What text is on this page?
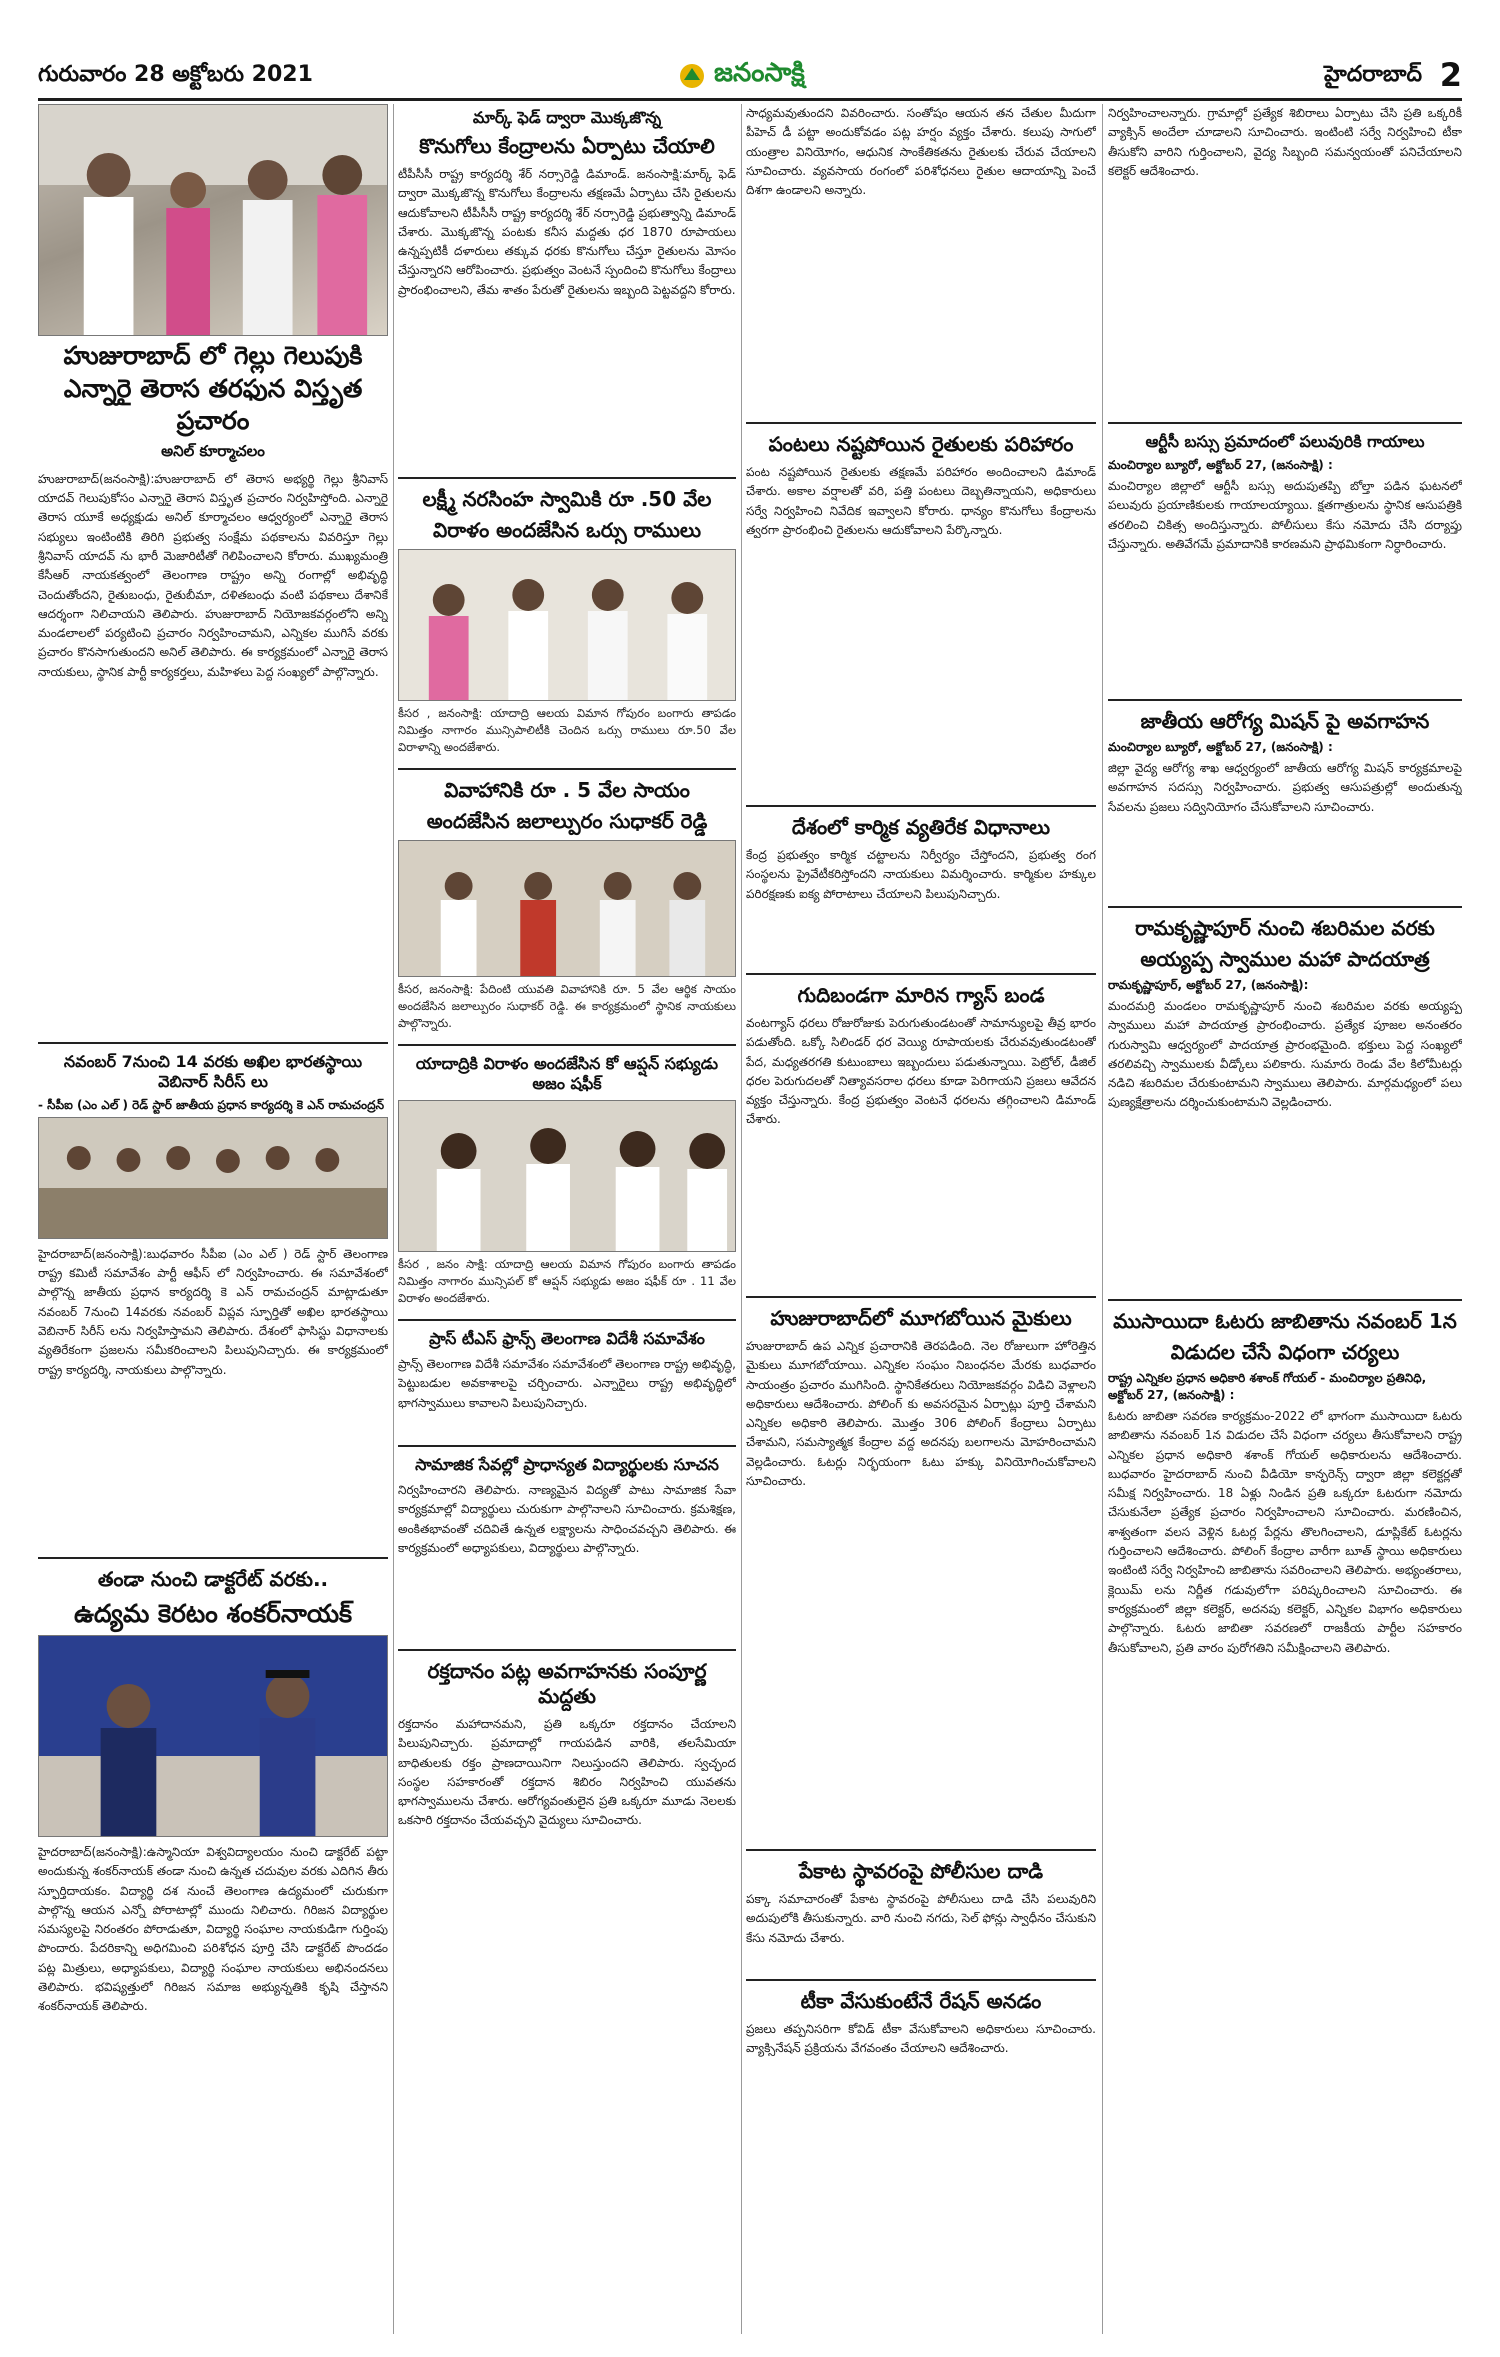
గురువారం 28 అక్టోబరు 2021	జనంసాక్షి	హైదరాబాద్ 2
హుజురాబాద్ లో గెల్లు గెలుపుకి
ఎన్నారై తెరాస తరఫున విస్తృత ప్రచారం
అనిల్ కూర్మాచలం

హుజురాబాద్(జనంసాక్షి):హుజురాబాద్ లో తెరాస అభ్యర్థి గెల్లు శ్రీనివాస్ యాదవ్ గెలుపుకోసం ఎన్నారై తెరాస విస్తృత ప్రచారం నిర్వహిస్తోంది. ఎన్నారై తెరాస యూకే అధ్యక్షుడు అనిల్ కూర్మాచలం ఆధ్వర్యంలో ఎన్నారై తెరాస సభ్యులు ఇంటింటికి తిరిగి ప్రభుత్వ సంక్షేమ పథకాలను వివరిస్తూ గెల్లు శ్రీనివాస్ యాదవ్ ను భారీ మెజారిటీతో గెలిపించాలని కోరారు. ముఖ్యమంత్రి కేసీఆర్ నాయకత్వంలో తెలంగాణ రాష్ట్రం అన్ని రంగాల్లో అభివృద్ధి చెందుతోందని, రైతుబంధు, రైతుబీమా, దళితబంధు వంటి పథకాలు దేశానికే ఆదర్శంగా నిలిచాయని తెలిపారు. హుజురాబాద్ నియోజకవర్గంలోని అన్ని మండలాలలో పర్యటించి ప్రచారం నిర్వహించామని, ఎన్నికల ముగిసే వరకు ప్రచారం కొనసాగుతుందని అనిల్ తెలిపారు. ఈ కార్యక్రమంలో ఎన్నారై తెరాస నాయకులు, స్థానిక పార్టీ కార్యకర్తలు, మహిళలు పెద్ద సంఖ్యలో పాల్గొన్నారు.

నవంబర్ 7నుంచి 14 వరకు అఖిల భారతస్థాయి వెబినార్ సిరీస్ లు
- సీపీఐ (ఎం ఎల్ ) రెడ్ స్టార్ జాతీయ ప్రధాన కార్యదర్శి కె ఎన్ రామచంద్రన్

హైదరాబాద్(జనంసాక్షి):బుధవారం సీపీఐ (ఎం ఎల్ ) రెడ్ స్టార్ తెలంగాణ రాష్ట్ర కమిటీ సమావేశం పార్టీ ఆఫీస్ లో నిర్వహించారు. ఈ సమావేశంలో పాల్గొన్న జాతీయ ప్రధాన కార్యదర్శి కె ఎన్ రామచంద్రన్ మాట్లాడుతూ నవంబర్ 7నుంచి 14వరకు నవంబర్ విప్లవ స్ఫూర్తితో అఖిల భారతస్థాయి వెబినార్ సిరీస్ లను నిర్వహిస్తామని తెలిపారు. దేశంలో ఫాసిస్టు విధానాలకు వ్యతిరేకంగా ప్రజలను సమీకరించాలని పిలుపునిచ్చారు. ఈ కార్యక్రమంలో రాష్ట్ర కార్యదర్శి, నాయకులు పాల్గొన్నారు.

తండా నుంచి డాక్టరేట్ వరకు..
ఉద్యమ కెరటం శంకర్‌నాయక్

హైదరాబాద్(జనంసాక్షి):ఉస్మానియా విశ్వవిద్యాలయం నుంచి డాక్టరేట్ పట్టా అందుకున్న శంకర్‌నాయక్ తండా నుంచి ఉన్నత చదువుల వరకు ఎదిగిన తీరు స్ఫూర్తిదాయకం. విద్యార్థి దశ నుంచే తెలంగాణ ఉద్యమంలో చురుకుగా పాల్గొన్న ఆయన ఎన్నో పోరాటాల్లో ముందు నిలిచారు. గిరిజన విద్యార్థుల సమస్యలపై నిరంతరం పోరాడుతూ, విద్యార్థి సంఘాల నాయకుడిగా గుర్తింపు పొందారు. పేదరికాన్ని అధిగమించి పరిశోధన పూర్తి చేసి డాక్టరేట్ పొందడం పట్ల మిత్రులు, అధ్యాపకులు, విద్యార్థి సంఘాల నాయకులు అభినందనలు తెలిపారు. భవిష్యత్తులో గిరిజన సమాజ అభ్యున్నతికి కృషి చేస్తానని శంకర్‌నాయక్ తెలిపారు.

మార్క్ ఫెడ్ ద్వారా మొక్కజొన్న
కొనుగోలు కేంద్రాలను ఏర్పాటు చేయాలి

టీపీసీసీ రాష్ట్ర కార్యదర్శి శేర్ నర్సారెడ్డి డిమాండ్. జనంసాక్షి:మార్క్ ఫెడ్ ద్వారా మొక్కజొన్న కొనుగోలు కేంద్రాలను తక్షణమే ఏర్పాటు చేసి రైతులను ఆదుకోవాలని టీపీసీసీ రాష్ట్ర కార్యదర్శి శేర్ నర్సారెడ్డి ప్రభుత్వాన్ని డిమాండ్ చేశారు. మొక్కజొన్న పంటకు కనీస మద్దతు ధర 1870 రూపాయలు ఉన్నప్పటికీ దళారులు తక్కువ ధరకు కొనుగోలు చేస్తూ రైతులను మోసం చేస్తున్నారని ఆరోపించారు. ప్రభుత్వం వెంటనే స్పందించి కొనుగోలు కేంద్రాలు ప్రారంభించాలని, తేమ శాతం పేరుతో రైతులను ఇబ్బంది పెట్టవద్దని కోరారు.

లక్ష్మీ నరసింహ స్వామికి రూ .50 వేల
విరాళం అందజేసిన ఒర్సు రాములు

కీసర , జనంసాక్షి: యాదాద్రి ఆలయ విమాన గోపురం బంగారు తాపడం నిమిత్తం నాగారం మున్సిపాలిటీకి చెందిన ఒర్సు రాములు రూ.50 వేల విరాళాన్ని అందజేశారు.

వివాహానికి రూ . 5 వేల సాయం
అందజేసిన జలాల్పురం సుధాకర్ రెడ్డి

కీసర, జనంసాక్షి: పేదింటి యువతి వివాహానికి రూ. 5 వేల ఆర్థిక సాయం అందజేసిన జలాల్పురం సుధాకర్ రెడ్డి. ఈ కార్యక్రమంలో స్థానిక నాయకులు పాల్గొన్నారు.

యాదాద్రికి విరాళం అందజేసిన కో ఆప్షన్ సభ్యుడు అజం షఫీక్

కీసర , జనం సాక్షి: యాదాద్రి ఆలయ విమాన గోపురం బంగారు తాపడం నిమిత్తం నాగారం మున్సిపల్ కో ఆప్షన్ సభ్యుడు అజం షఫీక్ రూ . 11 వేల విరాళం అందజేశారు.

ప్రాస్ టీఎస్ ఫ్రాన్స్ తెలంగాణ విదేశీ సమావేశం

ప్రాన్స్ తెలంగాణ విదేశీ సమావేశం సమావేశంలో తెలంగాణ రాష్ట్ర అభివృద్ధి, పెట్టుబడుల అవకాశాలపై చర్చించారు. ఎన్నారైలు రాష్ట్ర అభివృద్ధిలో భాగస్వాములు కావాలని పిలుపునిచ్చారు.

సామాజిక సేవల్లో ప్రాధాన్యత విద్యార్థులకు సూచన

నిర్వహించారని తెలిపారు. నాణ్యమైన విద్యతో పాటు సామాజిక సేవా కార్యక్రమాల్లో విద్యార్థులు చురుకుగా పాల్గొనాలని సూచించారు. క్రమశిక్షణ, అంకితభావంతో చదివితే ఉన్నత లక్ష్యాలను సాధించవచ్చని తెలిపారు. ఈ కార్యక్రమంలో అధ్యాపకులు, విద్యార్థులు పాల్గొన్నారు.

రక్తదానం పట్ల అవగాహనకు సంపూర్ణ మద్దతు

రక్తదానం మహాదానమని, ప్రతి ఒక్కరూ రక్తదానం చేయాలని పిలుపునిచ్చారు. ప్రమాదాల్లో గాయపడిన వారికి, తలసేమియా బాధితులకు రక్తం ప్రాణదాయినిగా నిలుస్తుందని తెలిపారు. స్వచ్ఛంద సంస్థల సహకారంతో రక్తదాన శిబిరం నిర్వహించి యువతను భాగస్వాములను చేశారు. ఆరోగ్యవంతులైన ప్రతి ఒక్కరూ మూడు నెలలకు ఒకసారి రక్తదానం చేయవచ్చని వైద్యులు సూచించారు.

సాధ్యమవుతుందని వివరించారు. సంతోషం ఆయన తన చేతుల మీదుగా పీహెచ్ డీ పట్టా అందుకోవడం పట్ల హర్షం వ్యక్తం చేశారు. కలుపు సాగులో యంత్రాల వినియోగం, ఆధునిక సాంకేతికతను రైతులకు చేరువ చేయాలని సూచించారు. వ్యవసాయ రంగంలో పరిశోధనలు రైతుల ఆదాయాన్ని పెంచే దిశగా ఉండాలని అన్నారు.

పంటలు నష్టపోయిన రైతులకు పరిహారం

పంట నష్టపోయిన రైతులకు తక్షణమే పరిహారం అందించాలని డిమాండ్ చేశారు. అకాల వర్షాలతో వరి, పత్తి పంటలు దెబ్బతిన్నాయని, అధికారులు సర్వే నిర్వహించి నివేదిక ఇవ్వాలని కోరారు. ధాన్యం కొనుగోలు కేంద్రాలను త్వరగా ప్రారంభించి రైతులను ఆదుకోవాలని పేర్కొన్నారు.

దేశంలో కార్మిక వ్యతిరేక విధానాలు

కేంద్ర ప్రభుత్వం కార్మిక చట్టాలను నిర్వీర్యం చేస్తోందని, ప్రభుత్వ రంగ సంస్థలను ప్రైవేటీకరిస్తోందని నాయకులు విమర్శించారు. కార్మికుల హక్కుల పరిరక్షణకు ఐక్య పోరాటాలు చేయాలని పిలుపునిచ్చారు.

గుదిబండగా మారిన గ్యాస్ బండ

వంటగ్యాస్ ధరలు రోజురోజుకు పెరుగుతుండటంతో సామాన్యులపై తీవ్ర భారం పడుతోంది. ఒక్కో సిలిండర్ ధర వెయ్యి రూపాయలకు చేరువవుతుండటంతో పేద, మధ్యతరగతి కుటుంబాలు ఇబ్బందులు పడుతున్నాయి. పెట్రోల్, డీజిల్ ధరల పెరుగుదలతో నిత్యావసరాల ధరలు కూడా పెరిగాయని ప్రజలు ఆవేదన వ్యక్తం చేస్తున్నారు. కేంద్ర ప్రభుత్వం వెంటనే ధరలను తగ్గించాలని డిమాండ్ చేశారు.

హుజురాబాద్‌లో మూగబోయిన మైకులు

హుజురాబాద్ ఉప ఎన్నిక ప్రచారానికి తెరపడింది. నెల రోజులుగా హోరెత్తిన మైకులు మూగబోయాయి. ఎన్నికల సంఘం నిబంధనల మేరకు బుధవారం సాయంత్రం ప్రచారం ముగిసింది. స్థానికేతరులు నియోజకవర్గం విడిచి వెళ్లాలని అధికారులు ఆదేశించారు. పోలింగ్ కు అవసరమైన ఏర్పాట్లు పూర్తి చేశామని ఎన్నికల అధికారి తెలిపారు. మొత్తం 306 పోలింగ్ కేంద్రాలు ఏర్పాటు చేశామని, సమస్యాత్మక కేంద్రాల వద్ద అదనపు బలగాలను మోహరించామని వెల్లడించారు. ఓటర్లు నిర్భయంగా ఓటు హక్కు వినియోగించుకోవాలని సూచించారు.

పేకాట స్థావరంపై పోలీసుల దాడి

పక్కా సమాచారంతో పేకాట స్థావరంపై పోలీసులు దాడి చేసి పలువురిని అదుపులోకి తీసుకున్నారు. వారి నుంచి నగదు, సెల్ ఫోన్లు స్వాధీనం చేసుకుని కేసు నమోదు చేశారు.

టీకా వేసుకుంటేనే రేషన్ అనడం

ప్రజలు తప్పనిసరిగా కోవిడ్ టీకా వేసుకోవాలని అధికారులు సూచించారు. వ్యాక్సినేషన్ ప్రక్రియను వేగవంతం చేయాలని ఆదేశించారు.

నిర్వహించాలన్నారు. గ్రామాల్లో ప్రత్యేక శిబిరాలు ఏర్పాటు చేసి ప్రతి ఒక్కరికీ వ్యాక్సిన్ అందేలా చూడాలని సూచించారు. ఇంటింటి సర్వే నిర్వహించి టీకా తీసుకోని వారిని గుర్తించాలని, వైద్య సిబ్బంది సమన్వయంతో పనిచేయాలని కలెక్టర్ ఆదేశించారు.

ఆర్టీసీ బస్సు ప్రమాదంలో పలువురికి గాయాలు
మంచిర్యాల బ్యూరో, అక్టోబర్ 27, (జనంసాక్షి) :

మంచిర్యాల జిల్లాలో ఆర్టీసీ బస్సు అదుపుతప్పి బోల్తా పడిన ఘటనలో పలువురు ప్రయాణికులకు గాయాలయ్యాయి. క్షతగాత్రులను స్థానిక ఆసుపత్రికి తరలించి చికిత్స అందిస్తున్నారు. పోలీసులు కేసు నమోదు చేసి దర్యాప్తు చేస్తున్నారు. అతివేగమే ప్రమాదానికి కారణమని ప్రాథమికంగా నిర్ధారించారు.

జాతీయ ఆరోగ్య మిషన్ పై అవగాహన
మంచిర్యాల బ్యూరో, అక్టోబర్ 27, (జనంసాక్షి) :

జిల్లా వైద్య ఆరోగ్య శాఖ ఆధ్వర్యంలో జాతీయ ఆరోగ్య మిషన్ కార్యక్రమాలపై అవగాహన సదస్సు నిర్వహించారు. ప్రభుత్వ ఆసుపత్రుల్లో అందుతున్న సేవలను ప్రజలు సద్వినియోగం చేసుకోవాలని సూచించారు.

రామకృష్ణాపూర్ నుంచి శబరిమల వరకు
అయ్యప్ప స్వాముల మహా పాదయాత్ర
రామకృష్ణాపూర్, అక్టోబర్ 27, (జనంసాక్షి):

మందమర్రి మండలం రామకృష్ణాపూర్ నుంచి శబరిమల వరకు అయ్యప్ప స్వాములు మహా పాదయాత్ర ప్రారంభించారు. ప్రత్యేక పూజల అనంతరం గురుస్వామి ఆధ్వర్యంలో పాదయాత్ర ప్రారంభమైంది. భక్తులు పెద్ద సంఖ్యలో తరలివచ్చి స్వాములకు వీడ్కోలు పలికారు. సుమారు రెండు వేల కిలోమీటర్లు నడిచి శబరిమల చేరుకుంటామని స్వాములు తెలిపారు. మార్గమధ్యంలో పలు పుణ్యక్షేత్రాలను దర్శించుకుంటామని వెల్లడించారు.

ముసాయిదా ఓటరు జాబితాను నవంబర్ 1న
విడుదల చేసే విధంగా చర్యలు
రాష్ట్ర ఎన్నికల ప్రధాన అధికారి శశాంక్ గోయల్ - మంచిర్యాల ప్రతినిధి, అక్టోబర్ 27, (జనంసాక్షి) :

ఓటరు జాబితా సవరణ కార్యక్రమం-2022 లో భాగంగా ముసాయిదా ఓటరు జాబితాను నవంబర్ 1న విడుదల చేసే విధంగా చర్యలు తీసుకోవాలని రాష్ట్ర ఎన్నికల ప్రధాన అధికారి శశాంక్ గోయల్ అధికారులను ఆదేశించారు. బుధవారం హైదరాబాద్ నుంచి వీడియో కాన్ఫరెన్స్ ద్వారా జిల్లా కలెక్టర్లతో సమీక్ష నిర్వహించారు. 18 ఏళ్లు నిండిన ప్రతి ఒక్కరూ ఓటరుగా నమోదు చేసుకునేలా ప్రత్యేక ప్రచారం నిర్వహించాలని సూచించారు. మరణించిన, శాశ్వతంగా వలస వెళ్లిన ఓటర్ల పేర్లను తొలగించాలని, డూప్లికేట్ ఓటర్లను గుర్తించాలని ఆదేశించారు. పోలింగ్ కేంద్రాల వారీగా బూత్ స్థాయి అధికారులు ఇంటింటి సర్వే నిర్వహించి జాబితాను సవరించాలని తెలిపారు. అభ్యంతరాలు, క్లెయిమ్ లను నిర్ణీత గడువులోగా పరిష్కరించాలని సూచించారు. ఈ కార్యక్రమంలో జిల్లా కలెక్టర్, అదనపు కలెక్టర్, ఎన్నికల విభాగం అధికారులు పాల్గొన్నారు. ఓటరు జాబితా సవరణలో రాజకీయ పార్టీల సహకారం తీసుకోవాలని, ప్రతి వారం పురోగతిని సమీక్షించాలని తెలిపారు.
